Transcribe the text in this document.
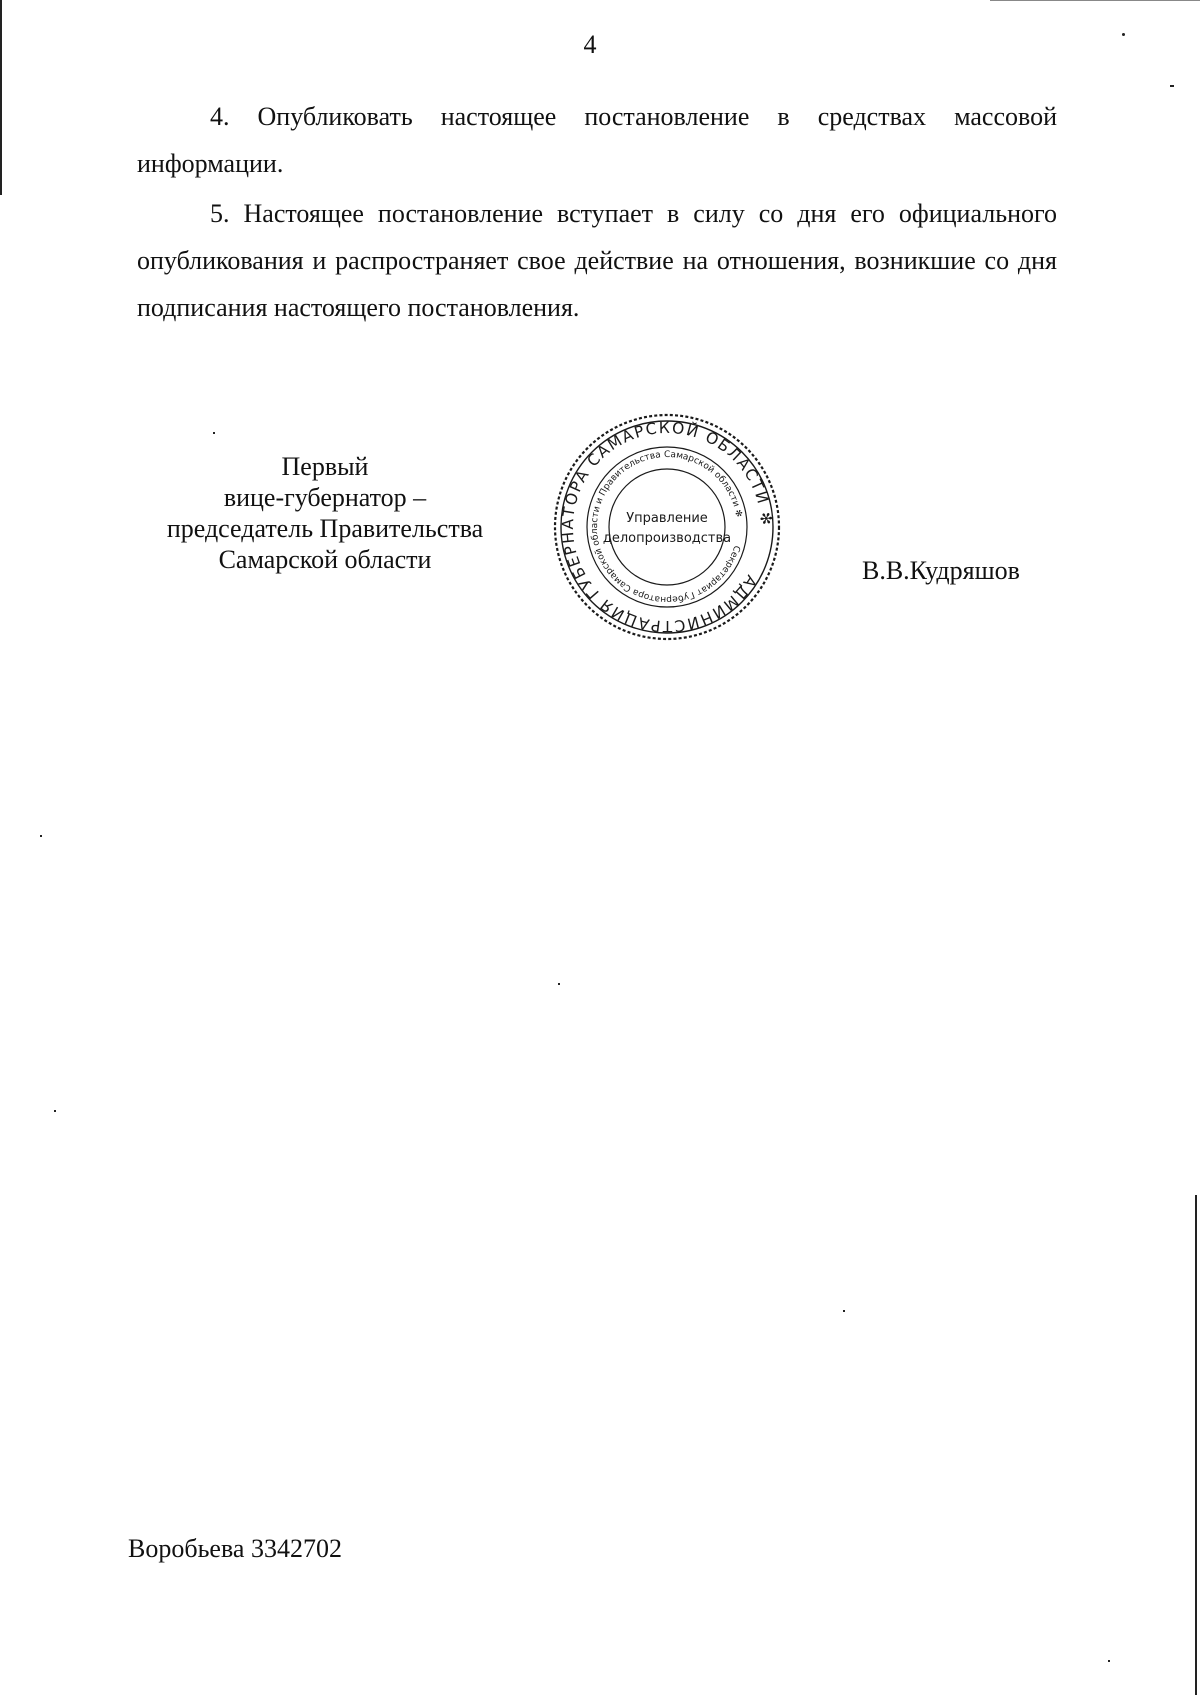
4

4. Опубликовать настоящее постановление в средствах массовой информации.

5. Настоящее постановление вступает в силу со дня его официального опубликования и распространяет свое действие на отношения, возникшие со дня подписания настоящего постановления.

Первый
вице-губернатор –
председатель Правительства
Самарской области
АДМИНИСТРАЦИЯ ГУБЕРНАТОРА САМАРСКОЙ ОБЛАСТИ ✻
Секретариат Губернатора Самарской области и Правительства Самарской области ✻
Управление
делопроизводства
В.В.Кудряшов
Воробьева 3342702
